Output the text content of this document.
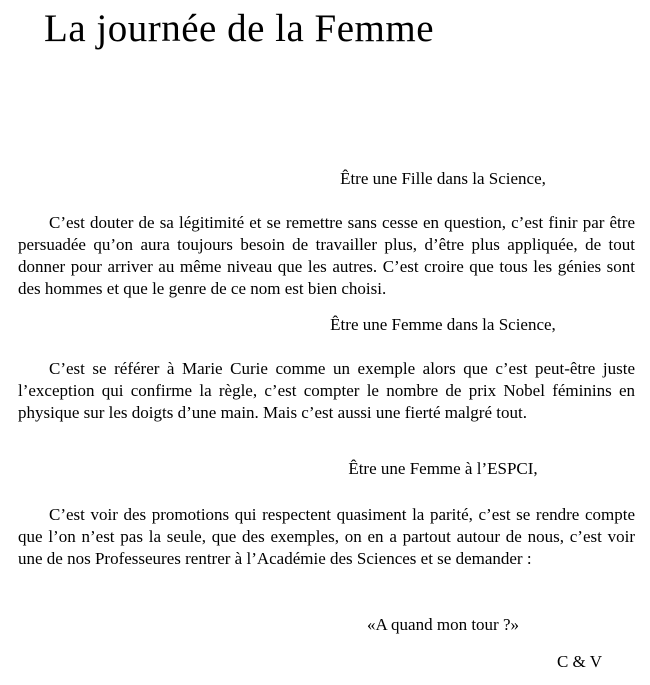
La journée de la Femme
Être une Fille dans la Science,

C’est douter de sa légitimité et se remettre sans cesse en question, c’est finir par être persuadée qu’on aura toujours besoin de travailler plus, d’être plus appliquée, de tout donner pour arriver au même niveau que les autres. C’est croire que tous les génies sont des hommes et que le genre de ce nom est bien choisi.

Être une Femme dans la Science,

C’est se référer à Marie Curie comme un exemple alors que c’est peut-être juste l’exception qui confirme la règle, c’est compter le nombre de prix Nobel féminins en physique sur les doigts d’une main. Mais c’est aussi une fierté malgré tout.

Être une Femme à l’ESPCI,

C’est voir des promotions qui respectent quasiment la parité, c’est se rendre compte que l’on n’est pas la seule, que des exemples, on en a partout autour de nous, c’est voir une de nos Professeures rentrer à l’Académie des Sciences et se demander :

«A quand mon tour ?»
C & V
